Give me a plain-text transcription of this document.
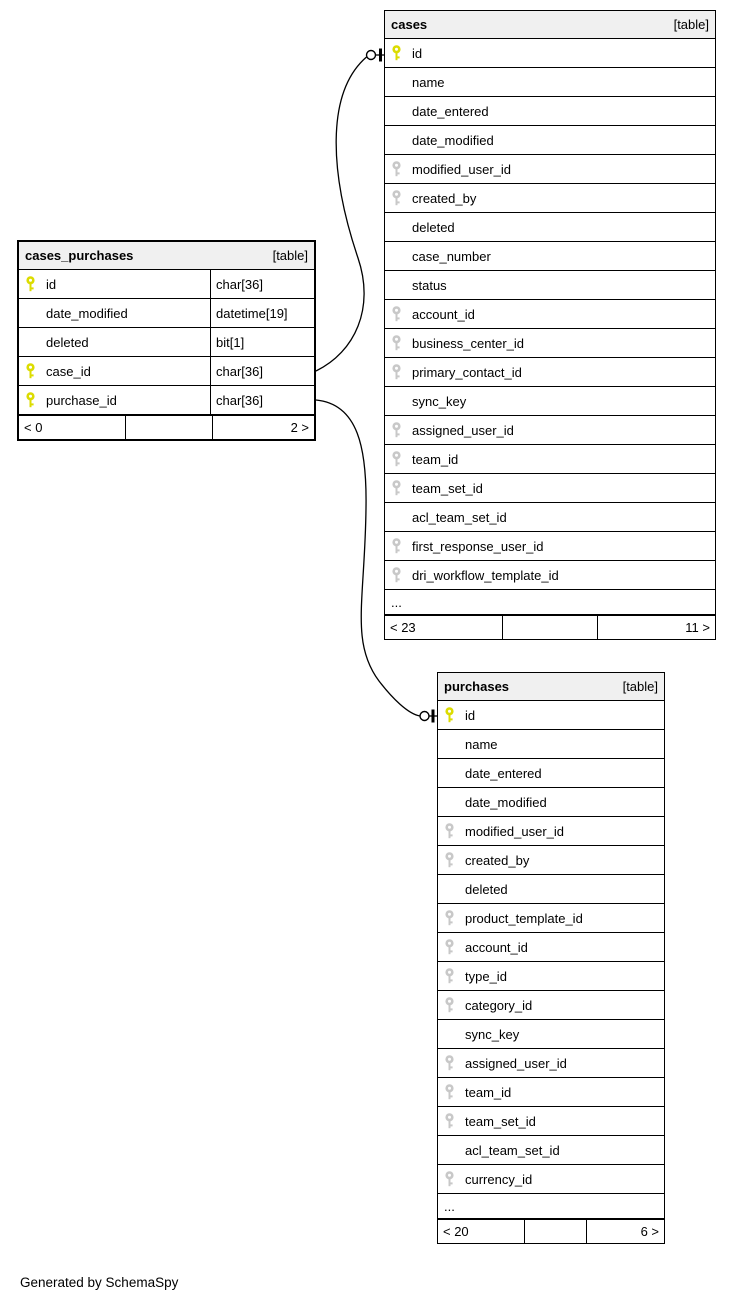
cases_purchases	[table]
id	char[36]
date_modified	datetime[19]
deleted	bit[1]
case_id	char[36]
purchase_id	char[36]
< 0	2 >
cases	[table]
id
name
date_entered
date_modified
modified_user_id
created_by
deleted
case_number
status
account_id
business_center_id
primary_contact_id
sync_key
assigned_user_id
team_id
team_set_id
acl_team_set_id
first_response_user_id
dri_workflow_template_id
...
< 23	11 >
purchases	[table]
id
name
date_entered
date_modified
modified_user_id
created_by
deleted
product_template_id
account_id
type_id
category_id
sync_key
assigned_user_id
team_id
team_set_id
acl_team_set_id
currency_id
...
< 20	6 >
Generated by SchemaSpy
